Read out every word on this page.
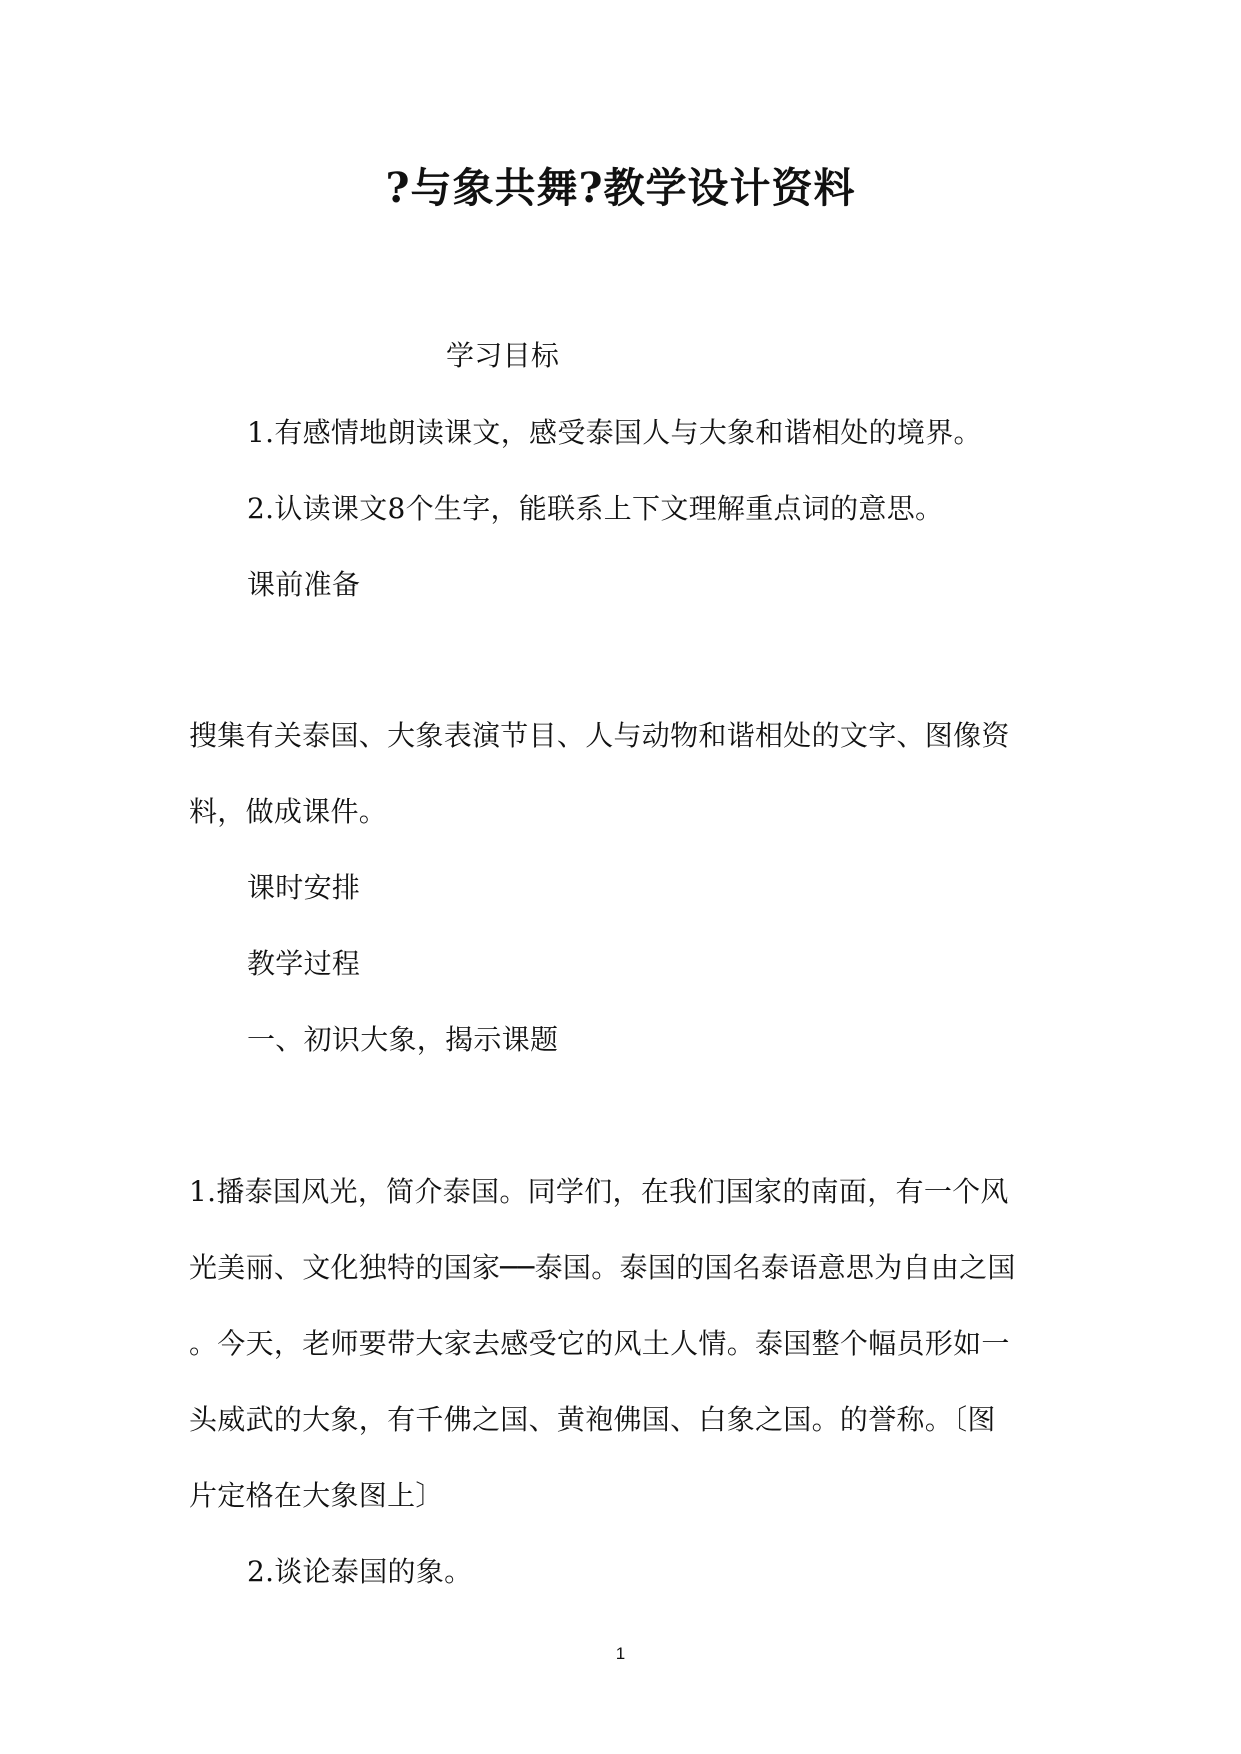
?与象共舞?教学设计资料
学习目标
1.有感情地朗读课文，感受泰国人与大象和谐相处的境界。
2.认读课文8个生字，能联系上下文理解重点词的意思。
课前准备
搜集有关泰国、大象表演节目、人与动物和谐相处的文字、图像资
料，做成课件。
课时安排
教学过程
一、初识大象，揭示课题
1.播泰国风光，简介泰国。同学们，在我们国家的南面，有一个风
光美丽、文化独特的国家──泰国。泰国的国名泰语意思为自由之国
。今天，老师要带大家去感受它的风土人情。泰国整个幅员形如一
头威武的大象，有千佛之国、黄袍佛国、白象之国。的誉称。〔图
片定格在大象图上〕
2.谈论泰国的象。
1
